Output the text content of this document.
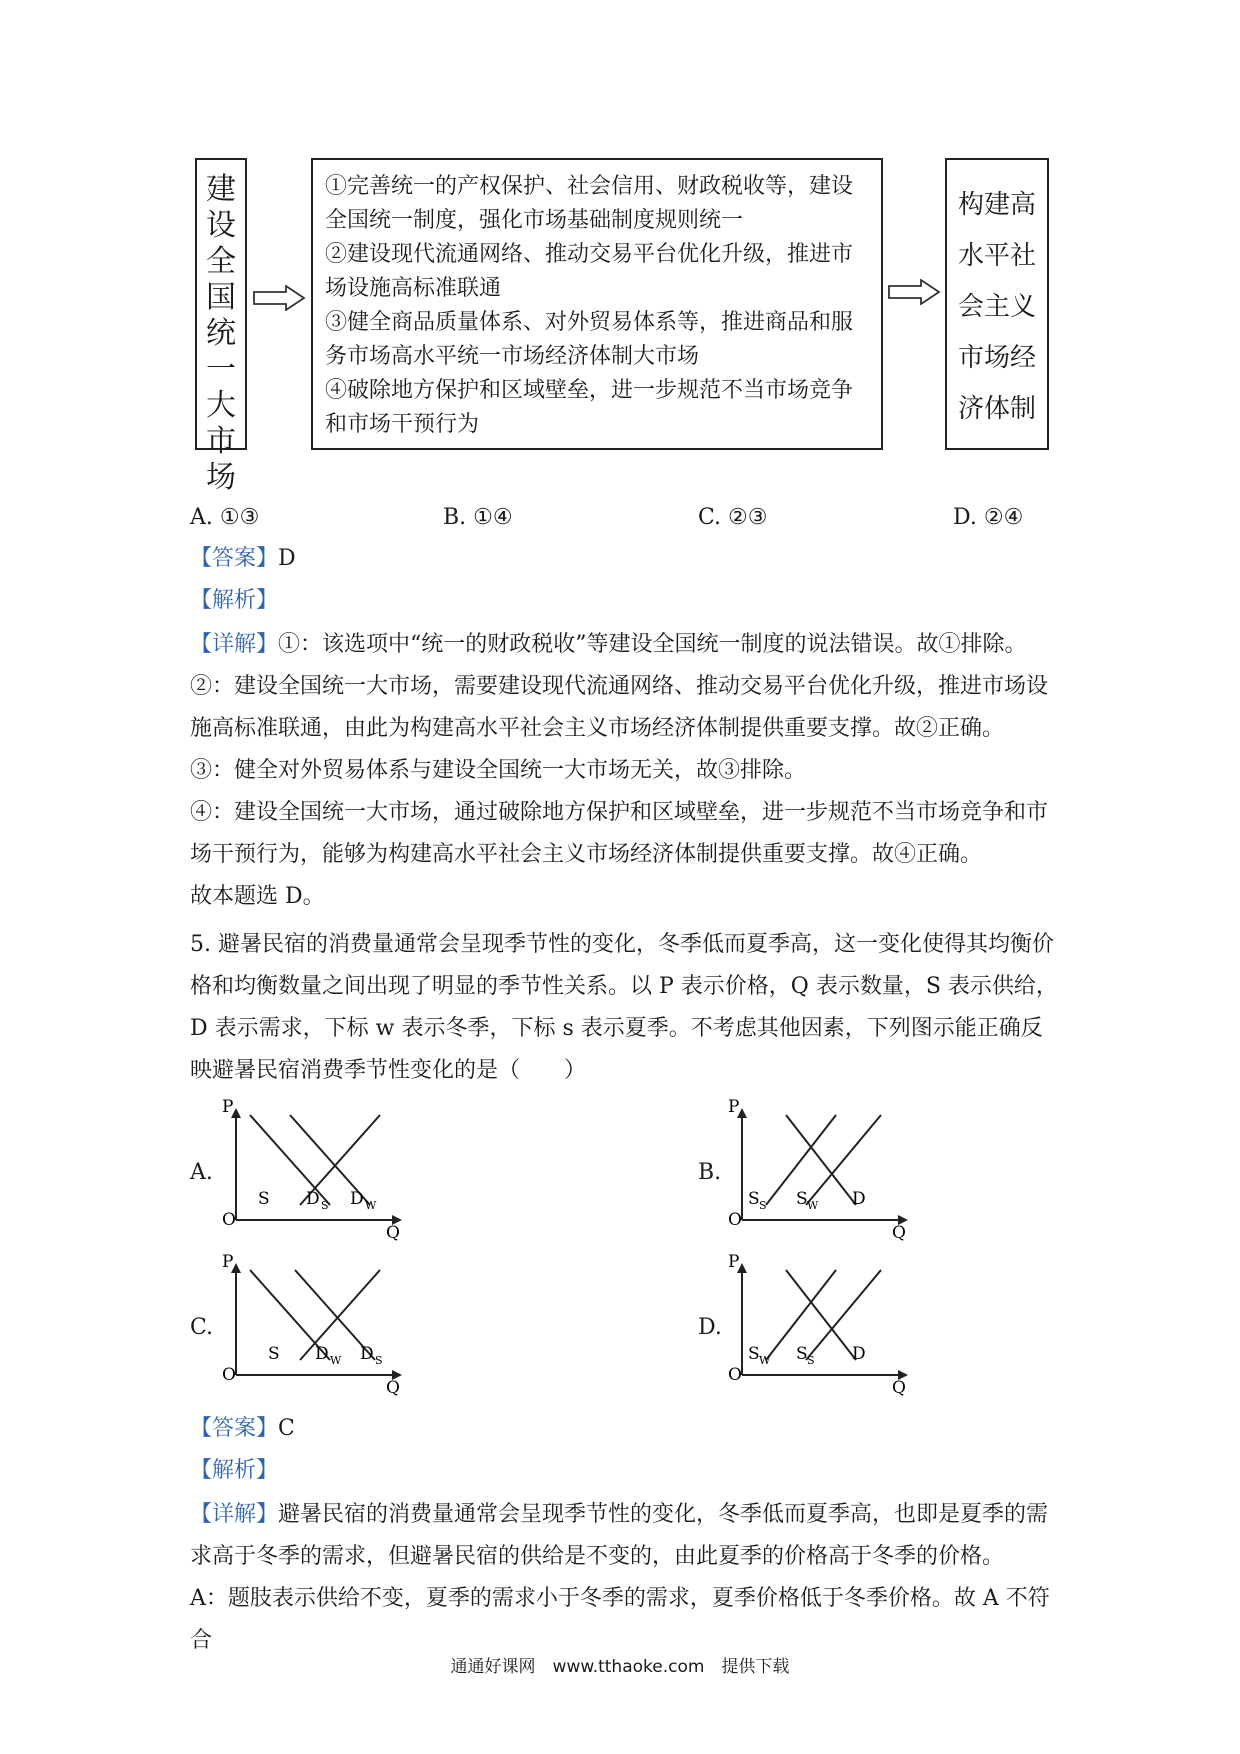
建设全国统一大市场
①完善统一的产权保护、社会信用、财政税收等，建设全国统一制度，强化市场基础制度规则统一
②建设现代流通网络、推动交易平台优化升级，推进市场设施高标准联通
③健全商品质量体系、对外贸易体系等，推进商品和服务市场高水平统一市场经济体制大市场
④破除地方保护和区域壁垒，进一步规范不当市场竞争和市场干预行为
构建高水平社会主义市场经济体制
A. ①③	B. ①④	C. ②③	D. ②④
【答案】D
【解析】
【详解】①：该选项中“统一的财政税收”等建设全国统一制度的说法错误。故①排除。
②：建设全国统一大市场，需要建设现代流通网络、推动交易平台优化升级，推进市场设施高标准联通，由此为构建高水平社会主义市场经济体制提供重要支撑。故②正确。
③：健全对外贸易体系与建设全国统一大市场无关，故③排除。
④：建设全国统一大市场，通过破除地方保护和区域壁垒，进一步规范不当市场竞争和市场干预行为，能够为构建高水平社会主义市场经济体制提供重要支撑。故④正确。
故本题选 D。
5. 避暑民宿的消费量通常会呈现季节性的变化，冬季低而夏季高，这一变化使得其均衡价格和均衡数量之间出现了明显的季节性关系。以 P 表示价格，Q 表示数量，S 表示供给，D 表示需求，下标 w 表示冬季，下标 s 表示夏季。不考虑其他因素，下列图示能正确反映避暑民宿消费季节性变化的是（　　）
A.
P
O
Q
S D S D W
B.
P
O
Q
S S S W D
C.
P
O
Q
S D W D S
D.
P
O
Q
S W S S D
【答案】C
【解析】
【详解】避暑民宿的消费量通常会呈现季节性的变化，冬季低而夏季高，也即是夏季的需求高于冬季的需求，但避暑民宿的供给是不变的，由此夏季的价格高于冬季的价格。
A：题肢表示供给不变，夏季的需求小于冬季的需求，夏季价格低于冬季价格。故 A 不符合
通通好课网　www.tthaoke.com　提供下载
